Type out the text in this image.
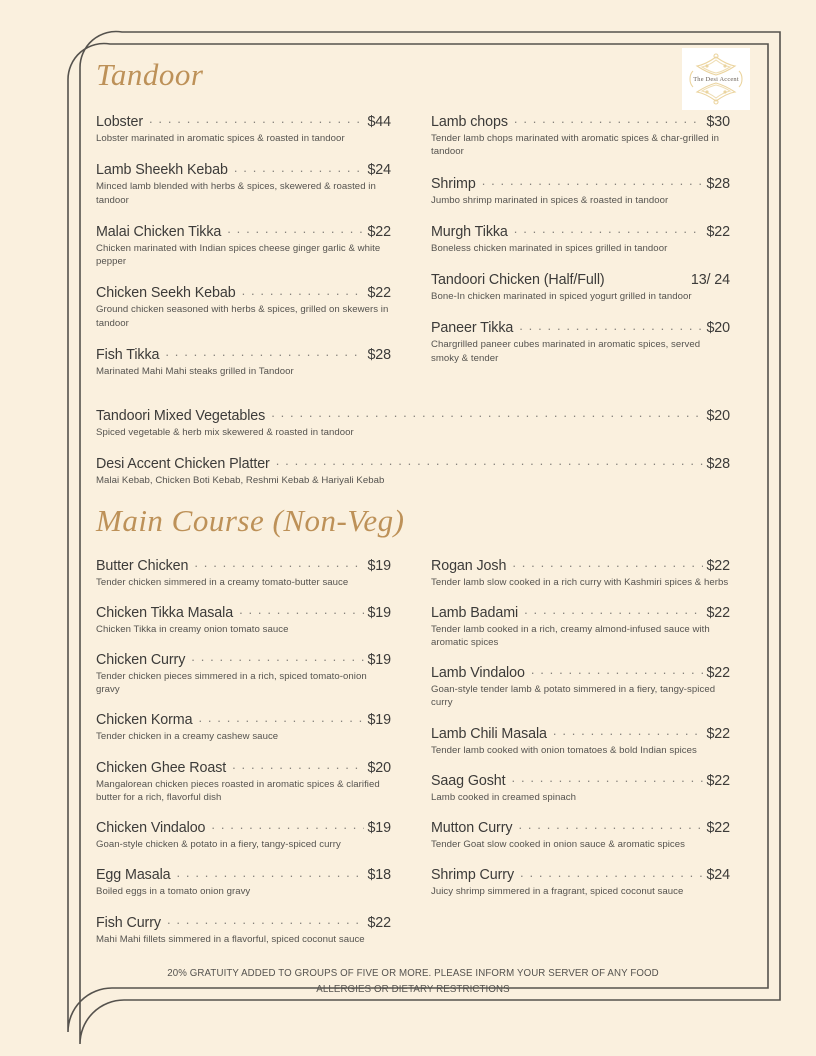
The Desi Accent
Tandoor
Lobster . . .	$44
Lobster marinated in aromatic spices & roasted in tandoor
Lamb Sheekh Kebab . . .	$24
Minced lamb blended with herbs & spices, skewered & roasted in tandoor
Malai Chicken Tikka . . .	$22
Chicken marinated with Indian spices cheese ginger garlic & white pepper
Chicken Seekh Kebab . . .	$22
Ground chicken seasoned with herbs & spices, grilled on skewers in tandoor
Fish Tikka . . .	$28
Marinated Mahi Mahi steaks grilled in Tandoor
Lamb chops . . .	$30
Tender lamb chops marinated with aromatic spices & char-grilled in tandoor
Shrimp . . .	$28
Jumbo shrimp marinated in spices & roasted in tandoor
Murgh Tikka . . .	$22
Boneless chicken marinated in spices grilled in tandoor
Tandoori Chicken (Half/Full)	13/ 24
Bone-In chicken marinated in spiced yogurt grilled in tandoor
Paneer Tikka . . .	$20
Chargrilled paneer cubes marinated in aromatic spices, served smoky & tender
Tandoori Mixed Vegetables . . .	$20
Spiced vegetable & herb mix skewered & roasted in tandoor
Desi Accent Chicken Platter . . .	$28
Malai Kebab, Chicken Boti Kebab, Reshmi Kebab & Hariyali Kebab
Main Course (Non-Veg)
Butter Chicken . . .	$19
Tender chicken simmered in a creamy tomato-butter sauce
Chicken Tikka Masala . . .	$19
Chicken Tikka in creamy onion tomato sauce
Chicken Curry . . .	$19
Tender chicken pieces simmered in a rich, spiced tomato-onion gravy
Chicken Korma . . .	$19
Tender chicken in a creamy cashew sauce
Chicken Ghee Roast . . .	$20
Mangalorean chicken pieces roasted in aromatic spices & clarified butter for a rich, flavorful dish
Chicken Vindaloo . . .	$19
Goan-style chicken & potato in a fiery, tangy-spiced curry
Egg Masala . . .	$18
Boiled eggs in a tomato onion gravy
Fish Curry . . .	$22
Mahi Mahi fillets simmered in a flavorful, spiced coconut sauce
Rogan Josh . . .	$22
Tender lamb slow cooked in a rich curry with Kashmiri spices & herbs
Lamb Badami . . .	$22
Tender lamb cooked in a rich, creamy almond-infused sauce with aromatic spices
Lamb Vindaloo . . .	$22
Goan-style tender lamb & potato simmered in a fiery, tangy-spiced curry
Lamb Chili Masala . . .	$22
Tender lamb cooked with onion tomatoes & bold Indian spices
Saag Gosht . . .	$22
Lamb cooked in creamed spinach
Mutton Curry . . .	$22
Tender Goat slow cooked in onion sauce & aromatic spices
Shrimp Curry . . .	$24
Juicy shrimp simmered in a fragrant, spiced coconut sauce
20% GRATUITY ADDED TO GROUPS OF FIVE OR MORE. PLEASE INFORM YOUR SERVER OF ANY FOOD
ALLERGIES OR DIETARY RESTRICTIONS
